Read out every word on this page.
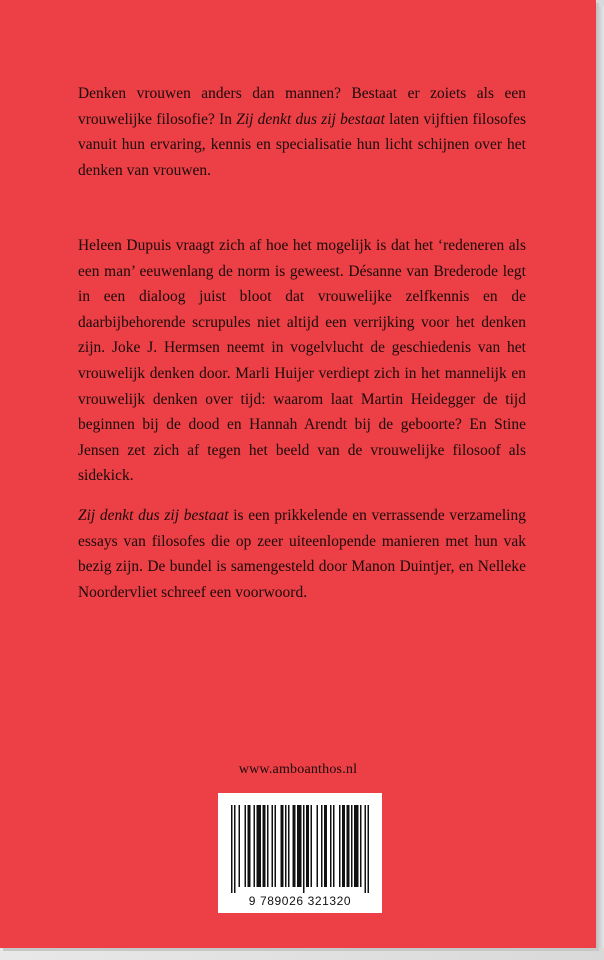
Denken vrouwen anders dan mannen? Bestaat er zoiets als een vrouwelijke filosofie? In Zij denkt dus zij bestaat laten vijftien filosofes vanuit hun ervaring, kennis en specialisatie hun licht schijnen over het denken van vrouwen.

Heleen Dupuis vraagt zich af hoe het mogelijk is dat het ‘redeneren als een man’ eeuwenlang de norm is geweest. Désanne van Brederode legt in een dialoog juist bloot dat vrouwelijke zelfkennis en de daarbijbehorende scrupules niet altijd een verrijking voor het denken zijn. Joke J. Hermsen neemt in vogelvlucht de geschiedenis van het vrouwelijk denken door. Marli Huijer verdiept zich in het mannelijk en vrouwelijk denken over tijd: waarom laat Martin Heidegger de tijd beginnen bij de dood en Hannah Arendt bij de geboorte? En Stine Jensen zet zich af tegen het beeld van de vrouwelijke filosoof als sidekick.

Zij denkt dus zij bestaat is een prikkelende en verrassende verzameling essays van filosofes die op zeer uiteenlopende manieren met hun vak bezig zijn. De bundel is samengesteld door Manon Duintjer, en Nelleke Noordervliet schreef een voorwoord.

www.amboanthos.nl
9 789026 321320
